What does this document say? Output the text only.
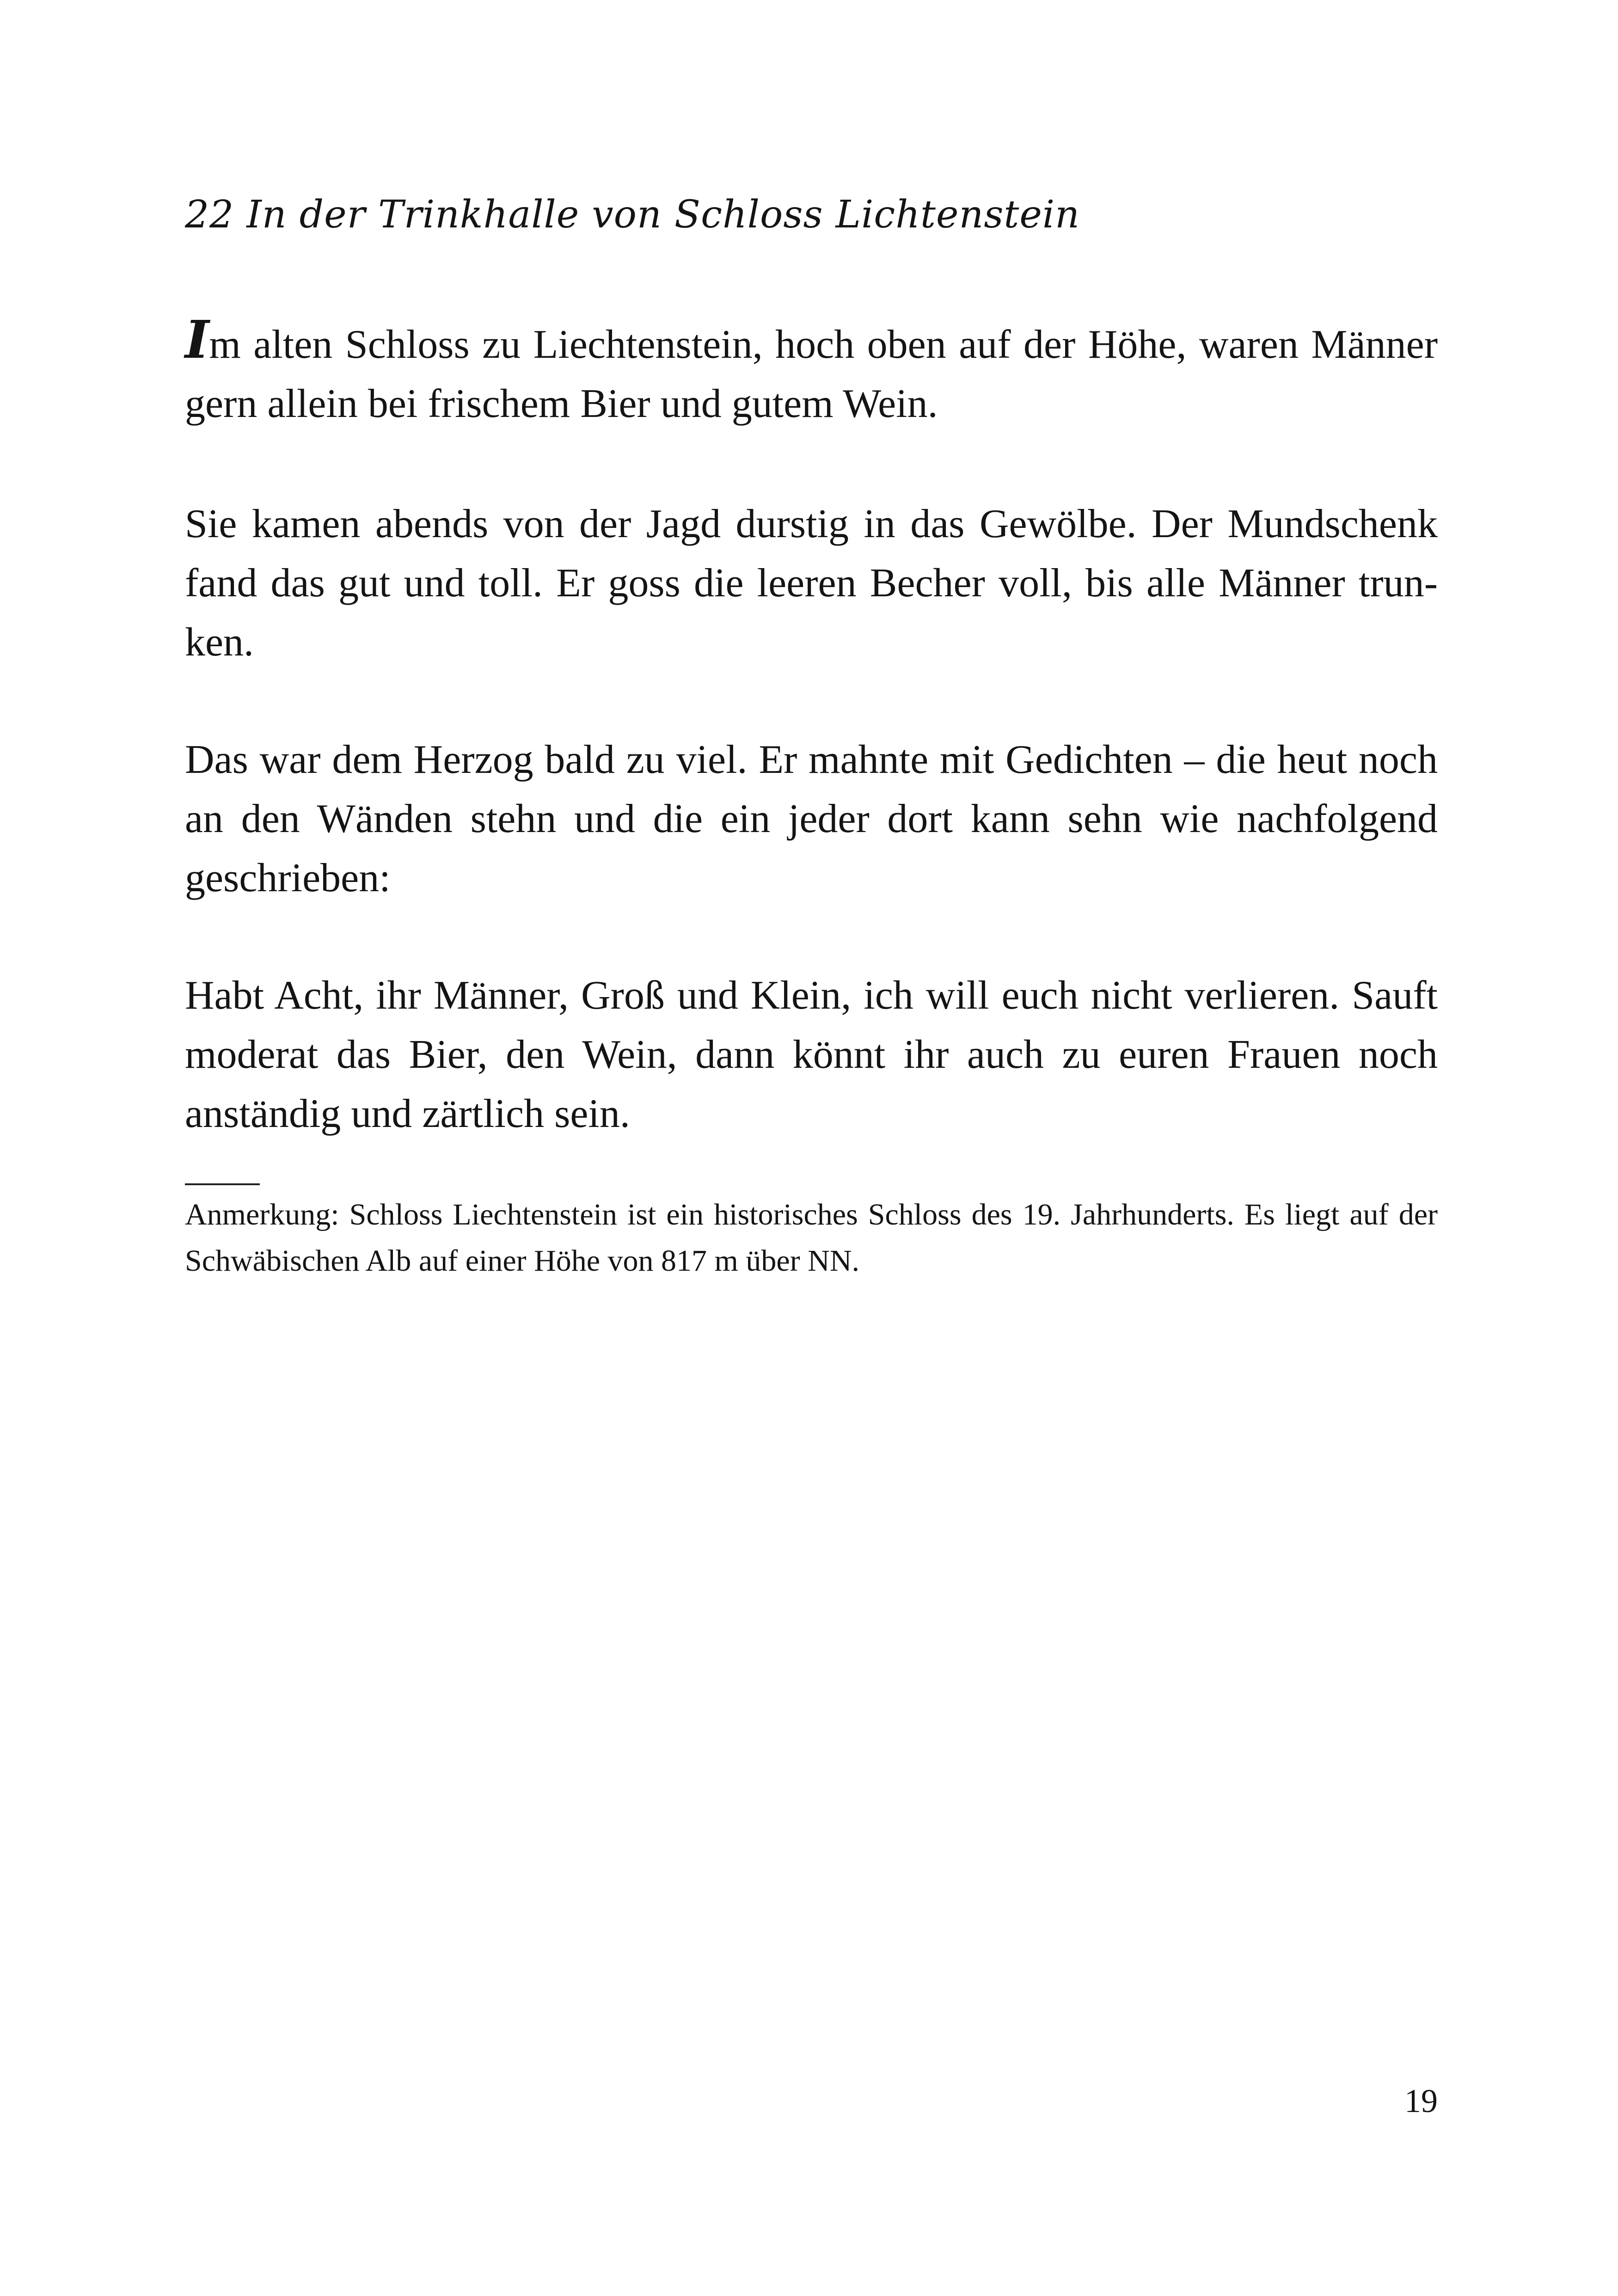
22 In der Trinkhalle von Schloss Lichtenstein

Im alten Schloss zu Liechtenstein, hoch oben auf der Höhe, waren Männer gern allein bei frischem Bier und gutem Wein.

Sie kamen abends von der Jagd durstig in das Gewölbe. Der Mundschenk fand das gut und toll. Er goss die leeren Becher voll, bis alle Männer trunken.

Das war dem Herzog bald zu viel. Er mahnte mit Gedichten – die heut noch an den Wänden stehn und die ein jeder dort kann sehn wie nachfolgend geschrieben:

Habt Acht, ihr Männer, Groß und Klein, ich will euch nicht verlieren. Sauft moderat das Bier, den Wein, dann könnt ihr auch zu euren Frauen noch anständig und zärtlich sein.

Anmerkung: Schloss Liechtenstein ist ein historisches Schloss des 19. Jahrhunderts. Es liegt auf der Schwäbischen Alb auf einer Höhe von 817 m über NN.

19
